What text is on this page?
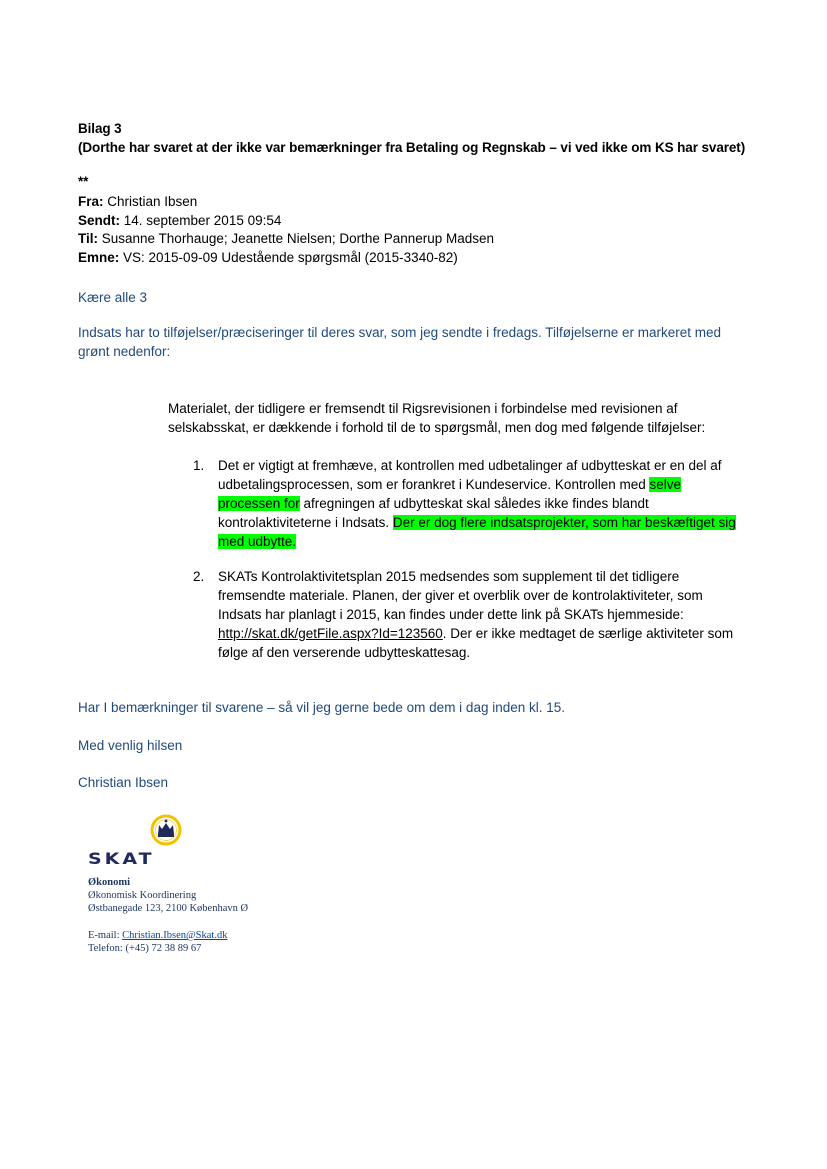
Bilag 3
(Dorthe har svaret at der ikke var bemærkninger fra Betaling og Regnskab – vi ved ikke om KS har svaret)
**
Fra: Christian Ibsen
Sendt: 14. september 2015 09:54
Til: Susanne Thorhauge; Jeanette Nielsen; Dorthe Pannerup Madsen
Emne: VS: 2015-09-09 Udestående spørgsmål (2015-3340-82)
Kære alle 3
Indsats har to tilføjelser/præciseringer til deres svar, som jeg sendte i fredags. Tilføjelserne er markeret med grønt nedenfor:
Materialet, der tidligere er fremsendt til Rigsrevisionen i forbindelse med revisionen af selskabsskat, er dækkende i forhold til de to spørgsmål, men dog med følgende tilføjelser:
1. Det er vigtigt at fremhæve, at kontrollen med udbetalinger af udbytteskat er en del af udbetalingsprocessen, som er forankret i Kundeservice. Kontrollen med selve processen for afregningen af udbytteskat skal således ikke findes blandt kontrolaktiviteterne i Indsats. Der er dog flere indsatsprojekter, som har beskæftiget sig med udbytte.
2. SKATs Kontrolaktivitetsplan 2015 medsendes som supplement til det tidligere fremsendte materiale. Planen, der giver et overblik over de kontrolaktiviteter, som Indsats har planlagt i 2015, kan findes under dette link på SKATs hjemmeside: http://skat.dk/getFile.aspx?Id=123560. Der er ikke medtaget de særlige aktiviteter som følge af den verserende udbytteskattesag.
Har I bemærkninger til svarene – så vil jeg gerne bede om dem i dag inden kl. 15.
Med venlig hilsen
Christian Ibsen
SKAT
Økonomi
Økonomisk Koordinering
Østbanegade 123, 2100 København Ø
E-mail: Christian.Ibsen@Skat.dk
Telefon: (+45) 72 38 89 67
